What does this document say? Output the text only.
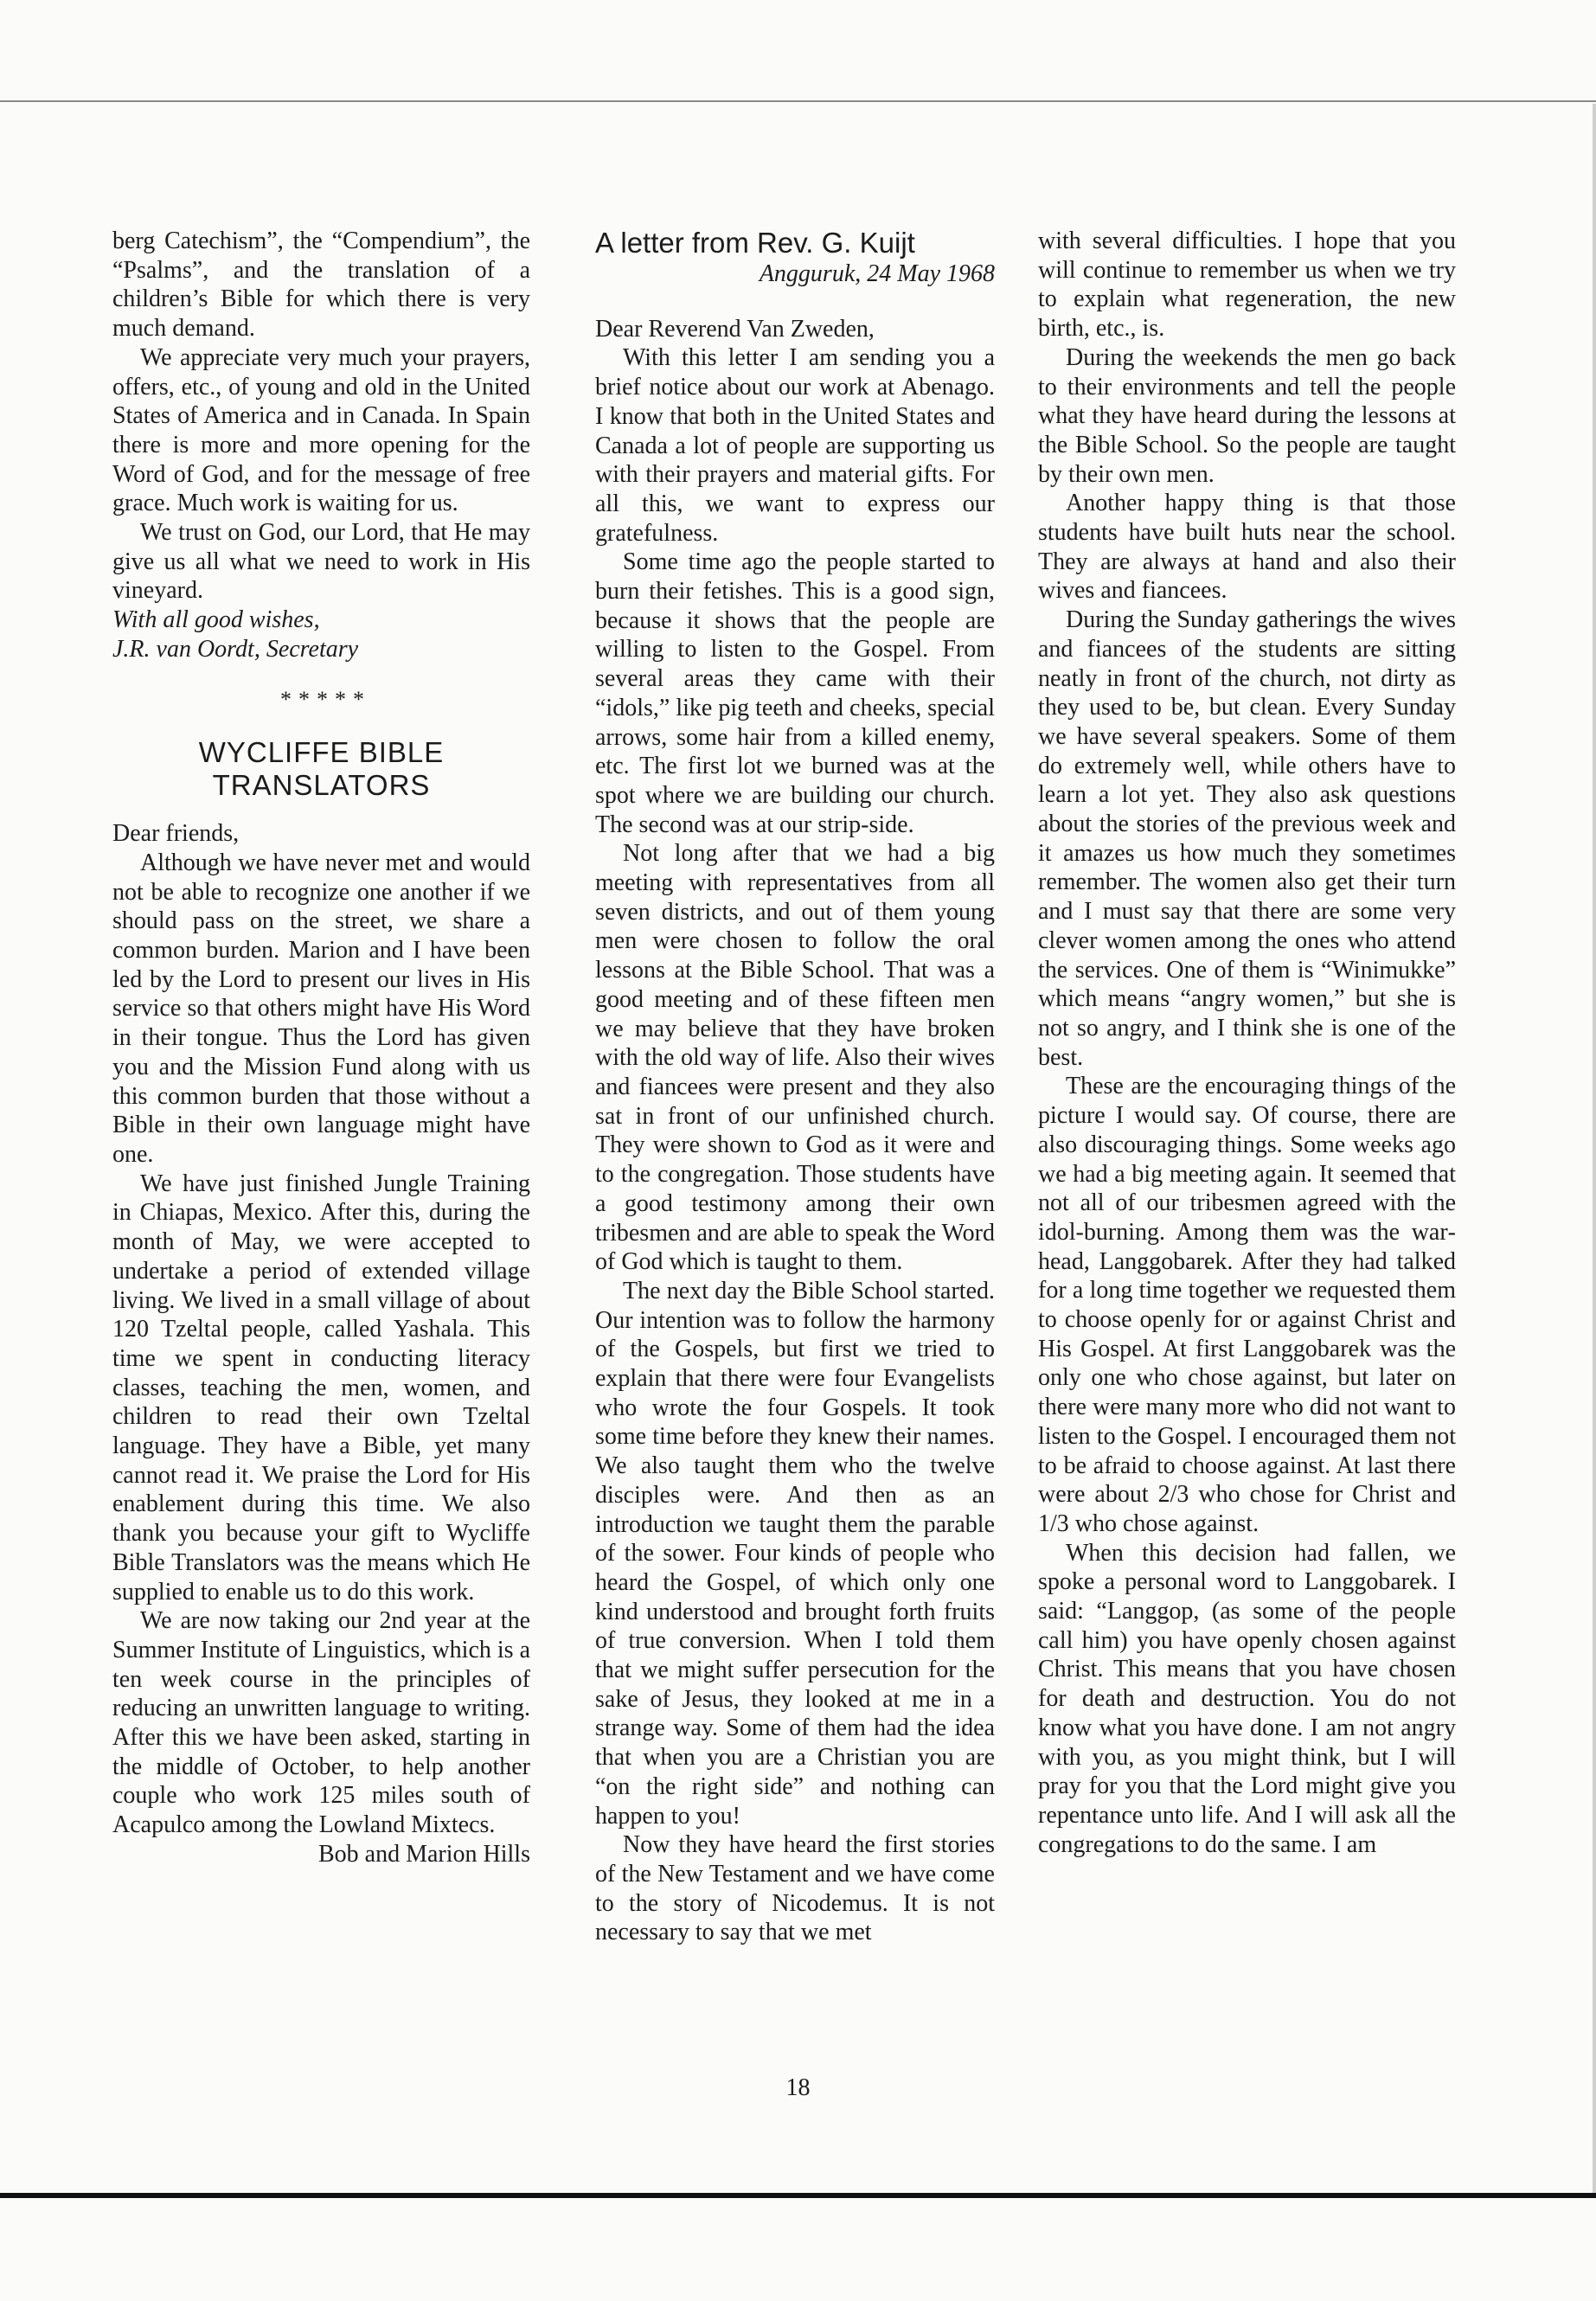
berg Catechism”, the “Compendium”, the “Psalms”, and the translation of a children’s Bible for which there is very much demand.

We appreciate very much your prayers, offers, etc., of young and old in the United States of America and in Canada. In Spain there is more and more opening for the Word of God, and for the message of free grace. Much work is waiting for us.

We trust on God, our Lord, that He may give us all what we need to work in His vineyard.

With all good wishes,

J.R. van Oordt, Secretary

*****
WYCLIFFE BIBLE TRANSLATORS

Dear friends,

Although we have never met and would not be able to recognize one another if we should pass on the street, we share a common burden. Marion and I have been led by the Lord to present our lives in His service so that others might have His Word in their tongue. Thus the Lord has given you and the Mission Fund along with us this common burden that those without a Bible in their own language might have one.

We have just finished Jungle Training in Chiapas, Mexico. After this, during the month of May, we were accepted to undertake a period of extended village living. We lived in a small village of about 120 Tzeltal people, called Yashala. This time we spent in conducting literacy classes, teaching the men, women, and children to read their own Tzeltal language. They have a Bible, yet many cannot read it. We praise the Lord for His enablement during this time. We also thank you because your gift to Wycliffe Bible Translators was the means which He supplied to enable us to do this work.

We are now taking our 2nd year at the Summer Institute of Linguistics, which is a ten week course in the principles of reducing an unwritten language to writing. After this we have been asked, starting in the middle of October, to help another couple who work 125 miles south of Acapulco among the Lowland Mixtecs.

Bob and Marion Hills

A letter from Rev. G. Kuijt
Angguruk, 24 May 1968

Dear Reverend Van Zweden,

With this letter I am sending you a brief notice about our work at Abenago. I know that both in the United States and Canada a lot of people are supporting us with their prayers and material gifts. For all this, we want to express our gratefulness.

Some time ago the people started to burn their fetishes. This is a good sign, because it shows that the people are willing to listen to the Gospel. From several areas they came with their “idols,” like pig teeth and cheeks, special arrows, some hair from a killed enemy, etc. The first lot we burned was at the spot where we are building our church. The second was at our strip-side.

Not long after that we had a big meeting with representatives from all seven districts, and out of them young men were chosen to follow the oral lessons at the Bible School. That was a good meeting and of these fifteen men we may believe that they have broken with the old way of life. Also their wives and fiancees were present and they also sat in front of our unfinished church. They were shown to God as it were and to the congregation. Those students have a good testimony among their own tribesmen and are able to speak the Word of God which is taught to them.

The next day the Bible School started. Our intention was to follow the harmony of the Gospels, but first we tried to explain that there were four Evangelists who wrote the four Gospels. It took some time before they knew their names. We also taught them who the twelve disciples were. And then as an introduction we taught them the parable of the sower. Four kinds of people who heard the Gospel, of which only one kind understood and brought forth fruits of true conversion. When I told them that we might suffer persecution for the sake of Jesus, they looked at me in a strange way. Some of them had the idea that when you are a Christian you are “on the right side” and nothing can happen to you!

Now they have heard the first stories of the New Testament and we have come to the story of Nicodemus. It is not necessary to say that we met

with several difficulties. I hope that you will continue to remember us when we try to explain what regeneration, the new birth, etc., is.

During the weekends the men go back to their environments and tell the people what they have heard during the lessons at the Bible School. So the people are taught by their own men.

Another happy thing is that those students have built huts near the school. They are always at hand and also their wives and fiancees.

During the Sunday gatherings the wives and fiancees of the students are sitting neatly in front of the church, not dirty as they used to be, but clean. Every Sunday we have several speakers. Some of them do extremely well, while others have to learn a lot yet. They also ask questions about the stories of the previous week and it amazes us how much they sometimes remember. The women also get their turn and I must say that there are some very clever women among the ones who attend the services. One of them is “Winimukke” which means “angry women,” but she is not so angry, and I think she is one of the best.

These are the encouraging things of the picture I would say. Of course, there are also discouraging things. Some weeks ago we had a big meeting again. It seemed that not all of our tribesmen agreed with the idol-burning. Among them was the warhead, Langgobarek. After they had talked for a long time together we requested them to choose openly for or against Christ and His Gospel. At first Langgobarek was the only one who chose against, but later on there were many more who did not want to listen to the Gospel. I encouraged them not to be afraid to choose against. At last there were about 2/3 who chose for Christ and 1/3 who chose against.

When this decision had fallen, we spoke a personal word to Langgobarek. I said: “Langgop, (as some of the people call him) you have openly chosen against Christ. This means that you have chosen for death and destruction. You do not know what you have done. I am not angry with you, as you might think, but I will pray for you that the Lord might give you repentance unto life. And I will ask all the congregations to do the same. I am

18
